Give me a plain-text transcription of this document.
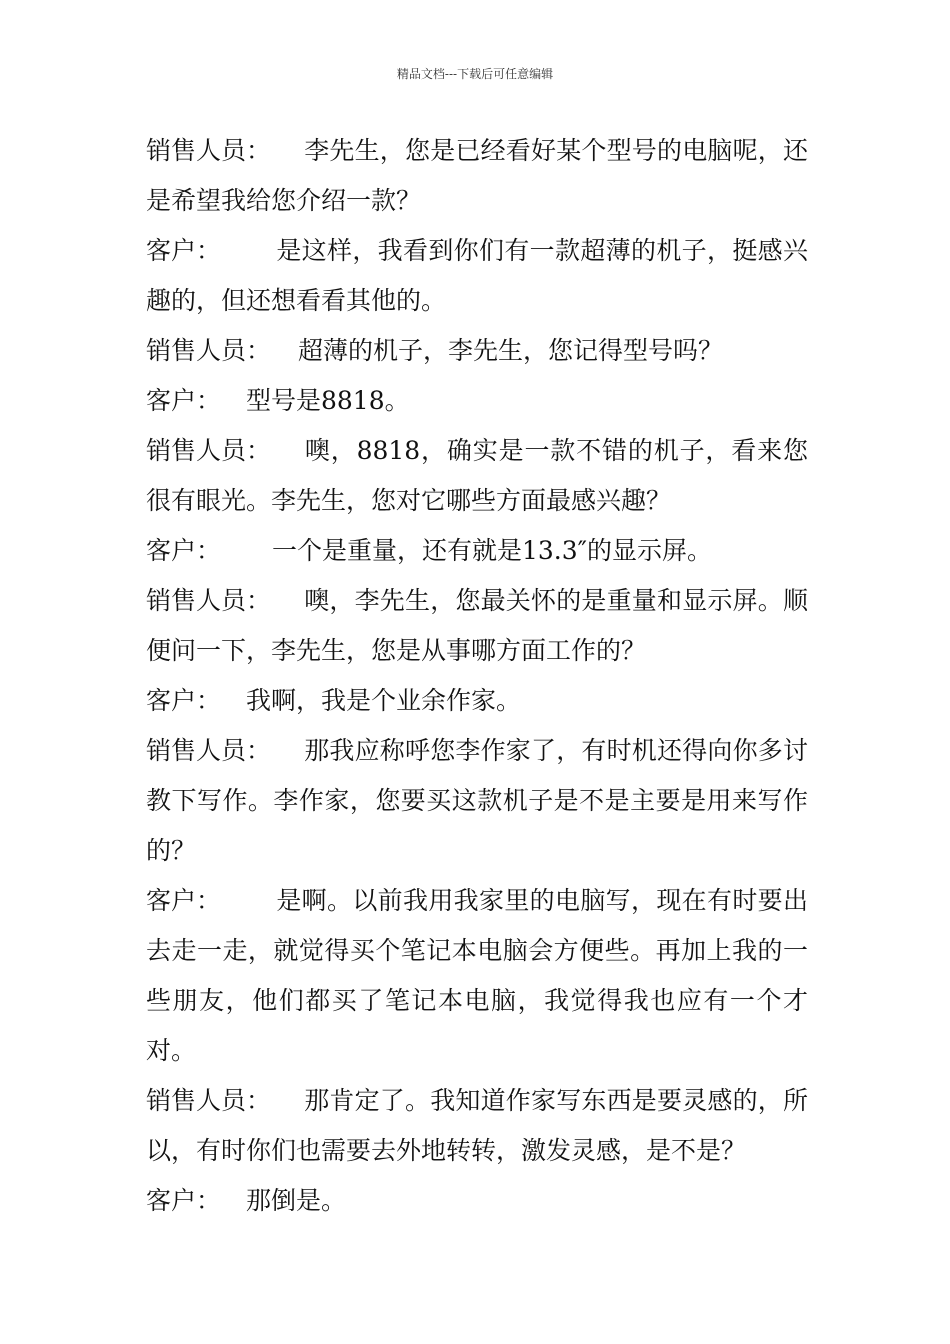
精品文档---下载后可任意编辑

销售人员： 李先生，您是已经看好某个型号的电脑呢，还是希望我给您介绍一款？

客户： 是这样，我看到你们有一款超薄的机子，挺感兴趣的，但还想看看其他的。

销售人员： 超薄的机子，李先生，您记得型号吗？

客户： 型号是8818。

销售人员： 噢，8818，确实是一款不错的机子，看来您很有眼光。李先生，您对它哪些方面最感兴趣？

客户： 一个是重量，还有就是13.3″的显示屏。

销售人员： 噢，李先生，您最关怀的是重量和显示屏。顺便问一下，李先生，您是从事哪方面工作的？

客户： 我啊，我是个业余作家。

销售人员： 那我应称呼您李作家了，有时机还得向你多讨教下写作。李作家，您要买这款机子是不是主要是用来写作的？

客户： 是啊。以前我用我家里的电脑写，现在有时要出去走一走，就觉得买个笔记本电脑会方便些。再加上我的一些朋友，他们都买了笔记本电脑，我觉得我也应有一个才对。

销售人员： 那肯定了。我知道作家写东西是要灵感的，所以，有时你们也需要去外地转转，激发灵感，是不是？

客户： 那倒是。
